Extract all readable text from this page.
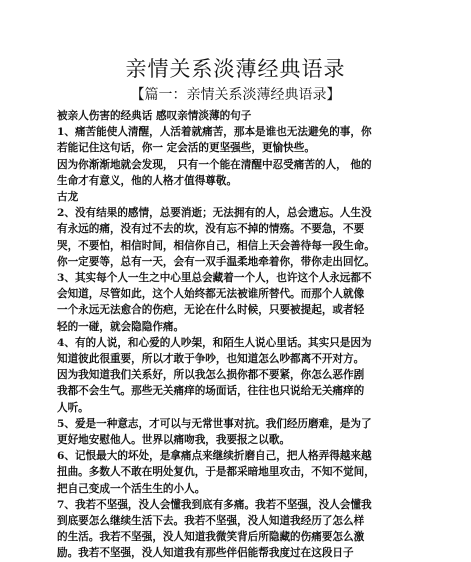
亲情关系淡薄经典语录
【篇一：亲情关系淡薄经典语录】
被亲人伤害的经典话 感叹亲情淡薄的句子
1、痛苦能使人清醒，人活着就痛苦，那本是谁也无法避免的事，你
若能记住这句话，你一 定会活的更坚强些，更愉快些。
因为你渐渐地就会发现， 只有一个能在清醒中忍受痛苦的人， 他的
生命才有意义，他的人格才值得尊敬。
古龙
2、没有结果的感情，总要消逝；无法拥有的人，总会遗忘。人生没
有永远的痛，没有过不去的坎，没有忘不掉的情殇。不要急，不要
哭，不要怕，相信时间，相信你自己，相信上天会善待每一段生命。
你一定要等，总有一天，会有一双手温柔地牵着你，带你走出回忆。
3、其实每个人一生之中心里总会藏着一个人，也许这个人永远都不
会知道，尽管如此，这个人始终都无法被谁所替代。而那个人就像
一个永远无法愈合的伤疤，无论在什么时候，只要被提起，或者轻
轻的一碰，就会隐隐作痛。
4、有的人说，和心爱的人吵架，和陌生人说心里话。其实只是因为
知道彼此很重要，所以才敢于争吵，也知道怎么吵都离不开对方。
因为我知道我们关系好，所以我怎么损你都不要紧，你怎么恶作剧
我都不会生气。那些无关痛痒的场面话，往往也只说给无关痛痒的
人听。
5、爱是一种意志，才可以与无常世事对抗。我们经历磨难，是为了
更好地安慰他人。世界以痛吻我，我要报之以歌。
6、记恨最大的坏处，是拿痛点来继续折磨自己，把人格弄得越来越
扭曲。多数人不敢在明处复仇，于是都采暗地里攻击，不知不觉间，
把自己变成一个活生生的小人。
7、我若不坚强，没人会懂我到底有多痛。我若不坚强，没人会懂我
到底要怎么继续生活下去。我若不坚强，没人知道我经历了怎么样
的生活。我若不坚强，没人知道我微笑背后所隐藏的伤痛要怎么激
励。我若不坚强，没人知道我有那些伴侣能帮我度过在这段日子
